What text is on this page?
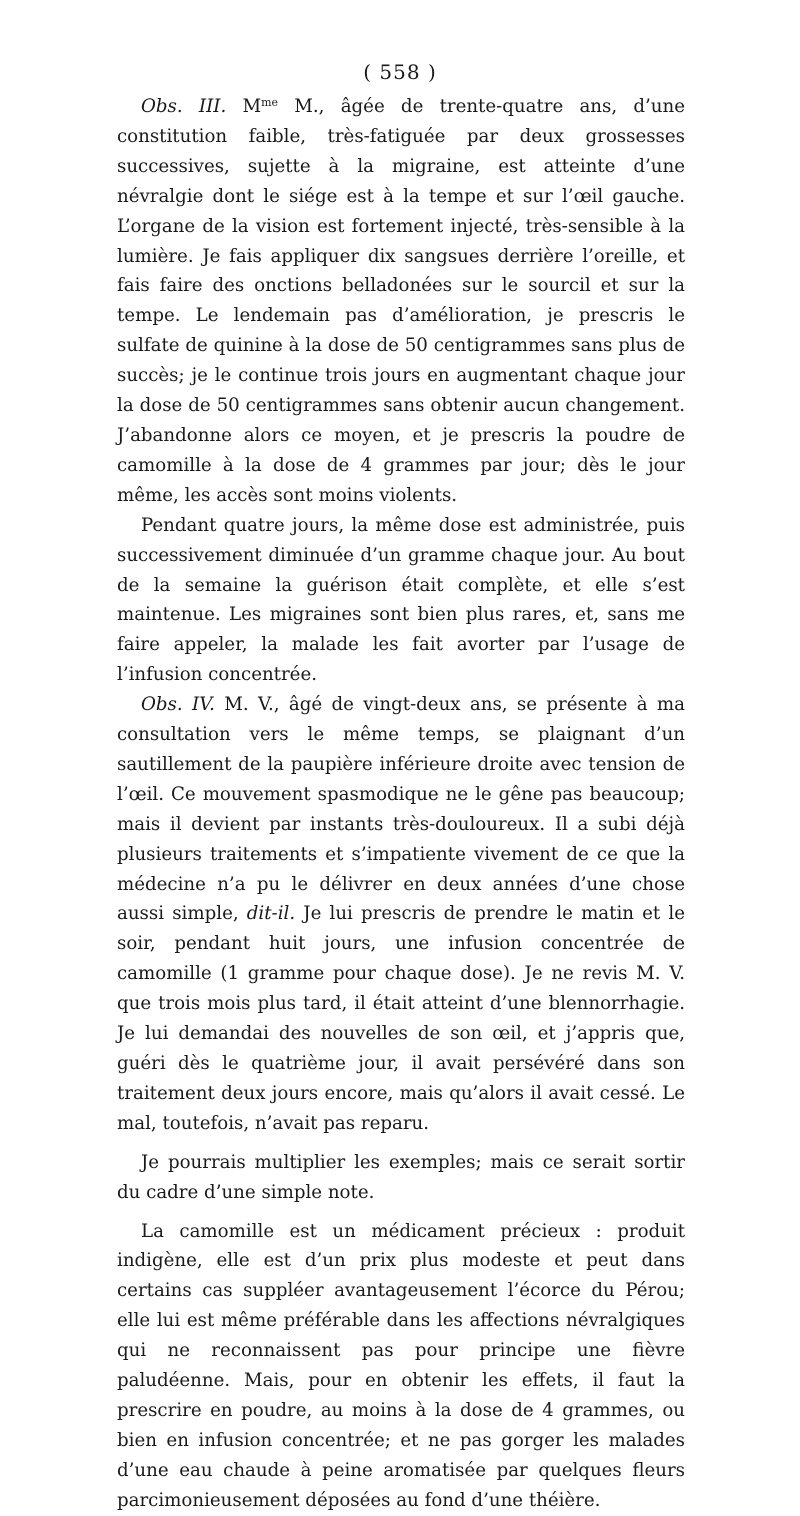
( 558 )

Obs. III. $M^{me}$ M., âgée de trente-quatre ans, d’une constitution faible, très-fatiguée par deux grossesses successives, sujette à la migraine, est atteinte d’une névralgie dont le siége est à la tempe et sur l’œil gauche. L’organe de la vision est fortement injecté, très-sensible à la lumière. Je fais appliquer dix sangsues derrière l’oreille, et fais faire des onctions belladonées sur le sourcil et sur la tempe. Le lendemain pas d’amélioration, je prescris le sulfate de quinine à la dose de 50 centigrammes sans plus de succès; je le continue trois jours en augmentant chaque jour la dose de 50 centigrammes sans obtenir aucun changement. J’abandonne alors ce moyen, et je prescris la poudre de camomille à la dose de 4 grammes par jour; dès le jour même, les accès sont moins violents.

Pendant quatre jours, la même dose est administrée, puis successivement diminuée d’un gramme chaque jour. Au bout de la semaine la guérison était complète, et elle s’est maintenue. Les migraines sont bien plus rares, et, sans me faire appeler, la malade les fait avorter par l’usage de l’infusion concentrée.

Obs. IV. M. V., âgé de vingt-deux ans, se présente à ma consultation vers le même temps, se plaignant d’un sautillement de la paupière inférieure droite avec tension de l’œil. Ce mouvement spasmodique ne le gêne pas beaucoup; mais il devient par instants très-douloureux. Il a subi déjà plusieurs traitements et s’impatiente vivement de ce que la médecine n’a pu le délivrer en deux années d’une chose aussi simple, dit-il. Je lui prescris de prendre le matin et le soir, pendant huit jours, une infusion concentrée de camomille (1 gramme pour chaque dose). Je ne revis M. V. que trois mois plus tard, il était atteint d’une blennorrhagie. Je lui demandai des nouvelles de son œil, et j’appris que, guéri dès le quatrième jour, il avait persévéré dans son traitement deux jours encore, mais qu’alors il avait cessé. Le mal, toutefois, n’avait pas reparu.

Je pourrais multiplier les exemples; mais ce serait sortir du cadre d’une simple note.

La camomille est un médicament précieux : produit indigène, elle est d’un prix plus modeste et peut dans certains cas suppléer avantageusement l’écorce du Pérou; elle lui est même préférable dans les affections névralgiques qui ne reconnaissent pas pour principe une fièvre paludéenne. Mais, pour en obtenir les effets, il faut la prescrire en poudre, au moins à la dose de 4 grammes, ou bien en infusion concentrée; et ne pas gorger les malades d’une eau chaude à peine aromatisée par quelques fleurs parcimonieusement déposées au fond d’une théière.
